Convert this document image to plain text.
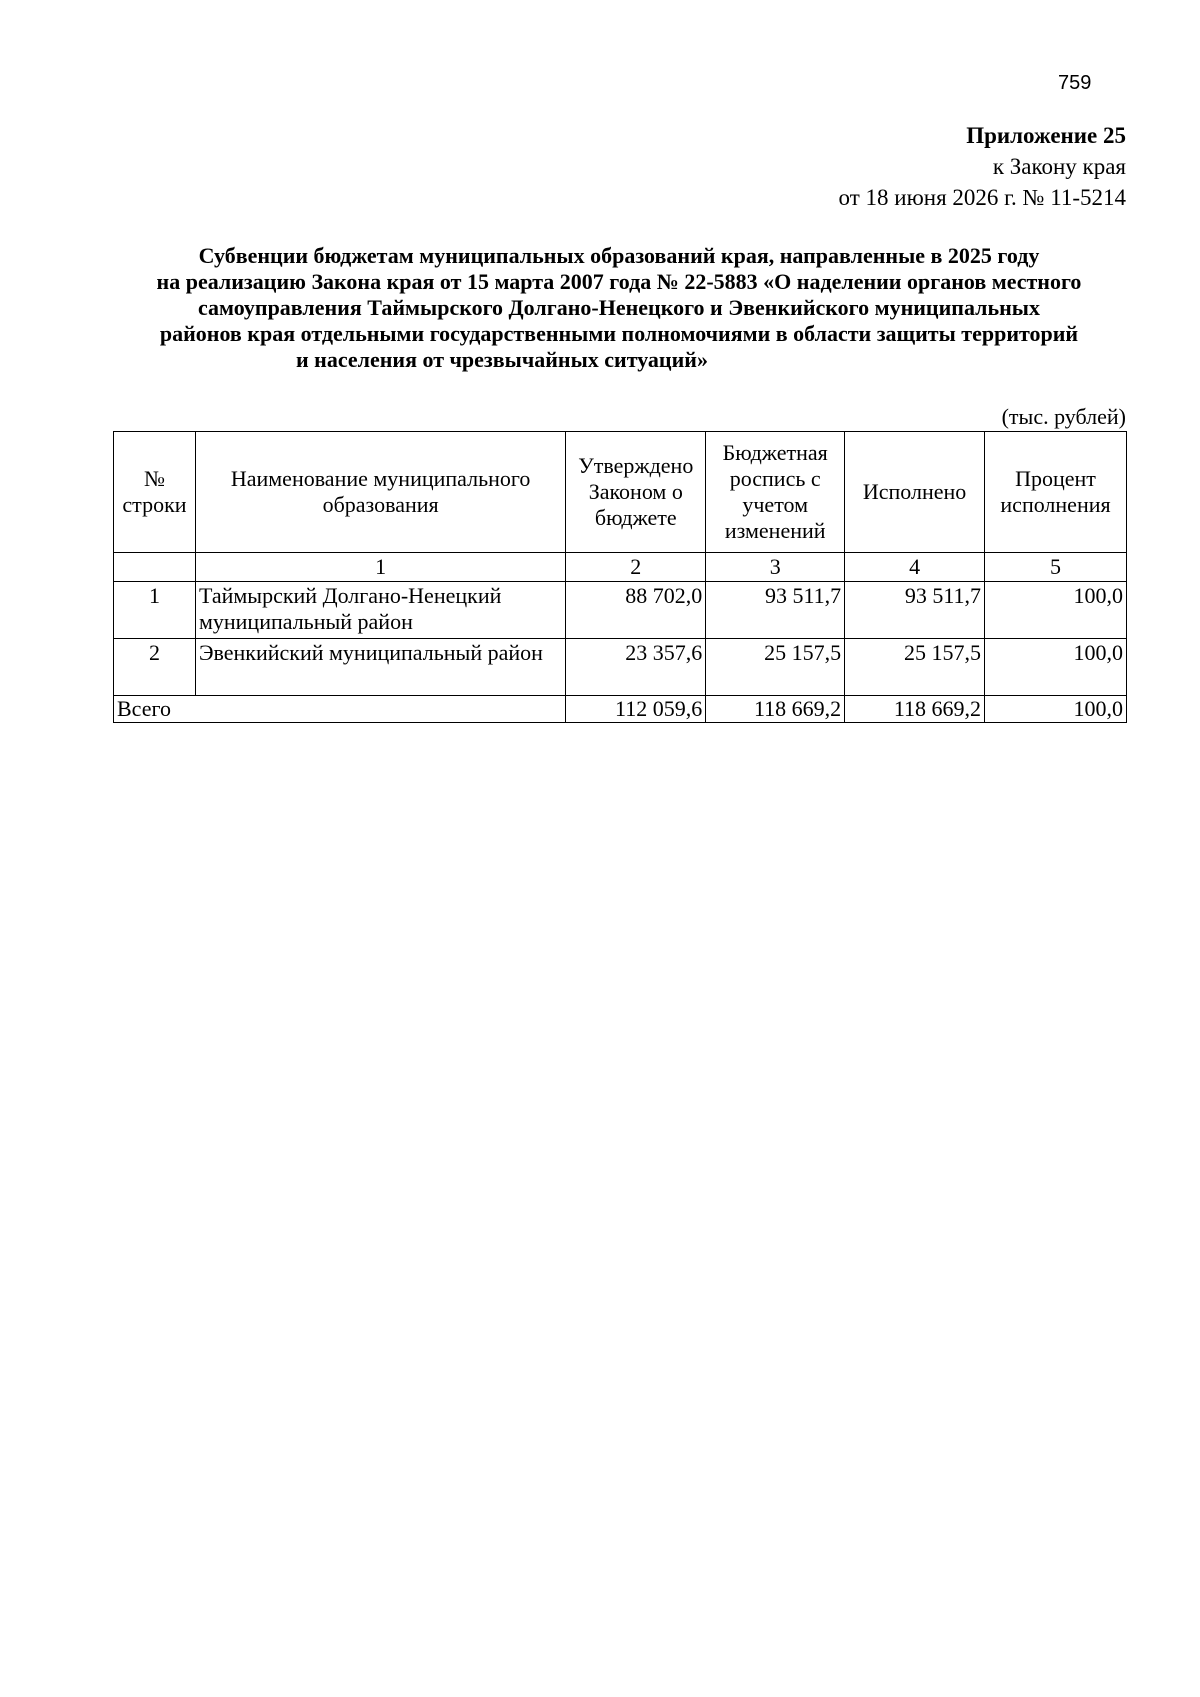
759
Приложение 25
к Закону края
от 18 июня 2026 г. № 11-5214
Субвенции бюджетам муниципальных образований края, направленные в 2025 году
на реализацию Закона края от 15 марта 2007 года № 22-5883 «О наделении органов местного
самоуправления Таймырского Долгано-Ненецкого и Эвенкийского муниципальных
районов края отдельными государственными полномочиями в области защиты территорий
и населения от чрезвычайных ситуаций»
(тыс. рублей)
№ строки	Наименование муниципального образования	Утверждено Законом о бюджете	Бюджетная роспись с учетом изменений	Исполнено	Процент исполнения
	1	2	3	4	5
1	Таймырский Долгано-Ненецкий муниципальный район	88 702,0	93 511,7	93 511,7	100,0
2	Эвенкийский муниципальный район	23 357,6	25 157,5	25 157,5	100,0
Всего		112 059,6	118 669,2	118 669,2	100,0
